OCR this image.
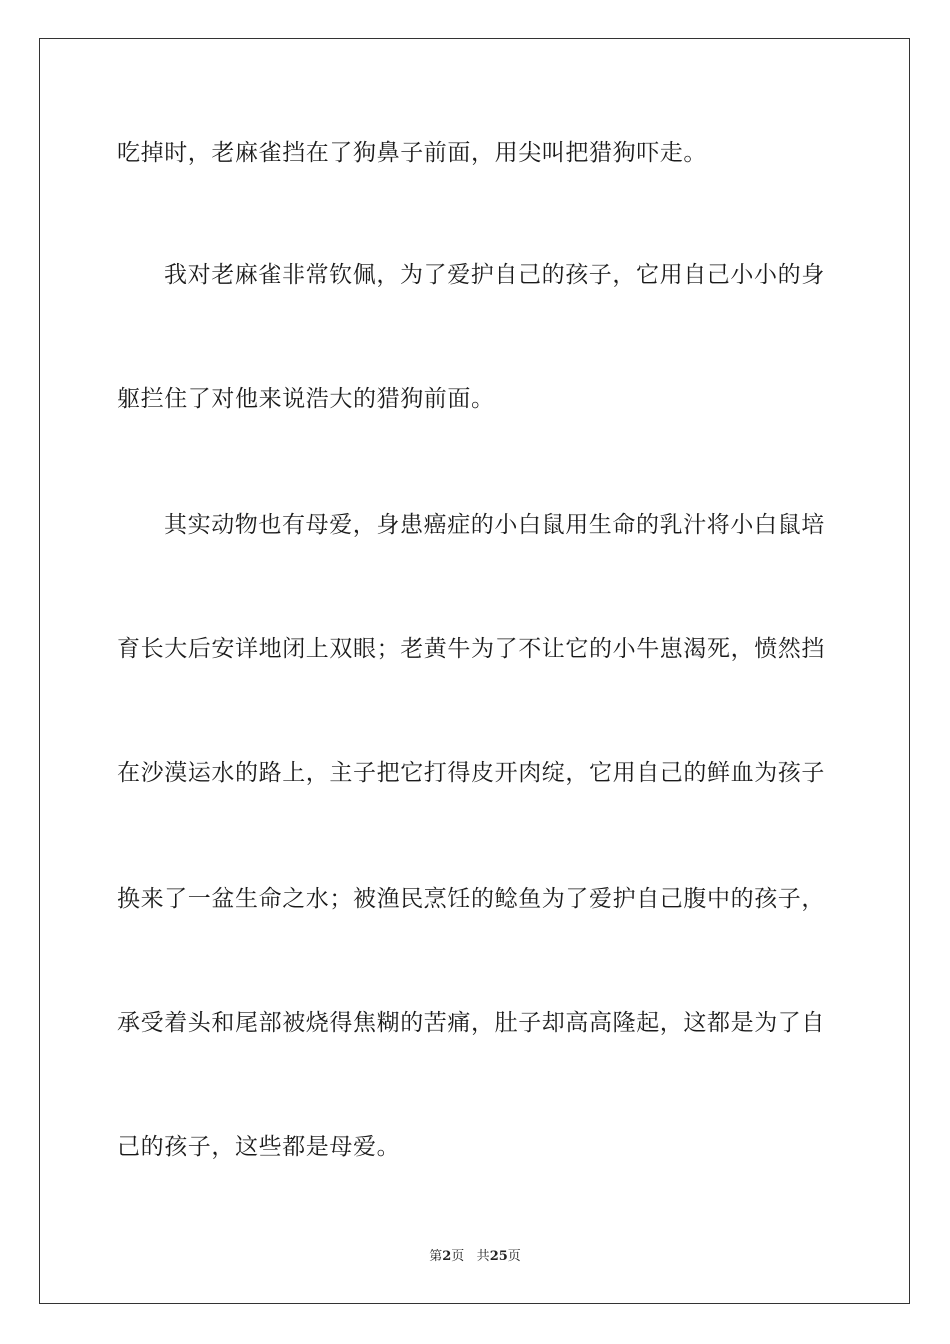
吃掉时，老麻雀挡在了狗鼻子前面，用尖叫把猎狗吓走。
我对老麻雀非常钦佩，为了爱护自己的孩子，它用自己小小的身
躯拦住了对他来说浩大的猎狗前面。
其实动物也有母爱，身患癌症的小白鼠用生命的乳汁将小白鼠培
育长大后安详地闭上双眼；老黄牛为了不让它的小牛崽渴死，愤然挡
在沙漠运水的路上，主子把它打得皮开肉绽，它用自己的鲜血为孩子
换来了一盆生命之水；被渔民烹饪的鲶鱼为了爱护自己腹中的孩子，
承受着头和尾部被烧得焦糊的苦痛，肚子却高高隆起，这都是为了自
己的孩子，这些都是母爱。
第2页 共25页
